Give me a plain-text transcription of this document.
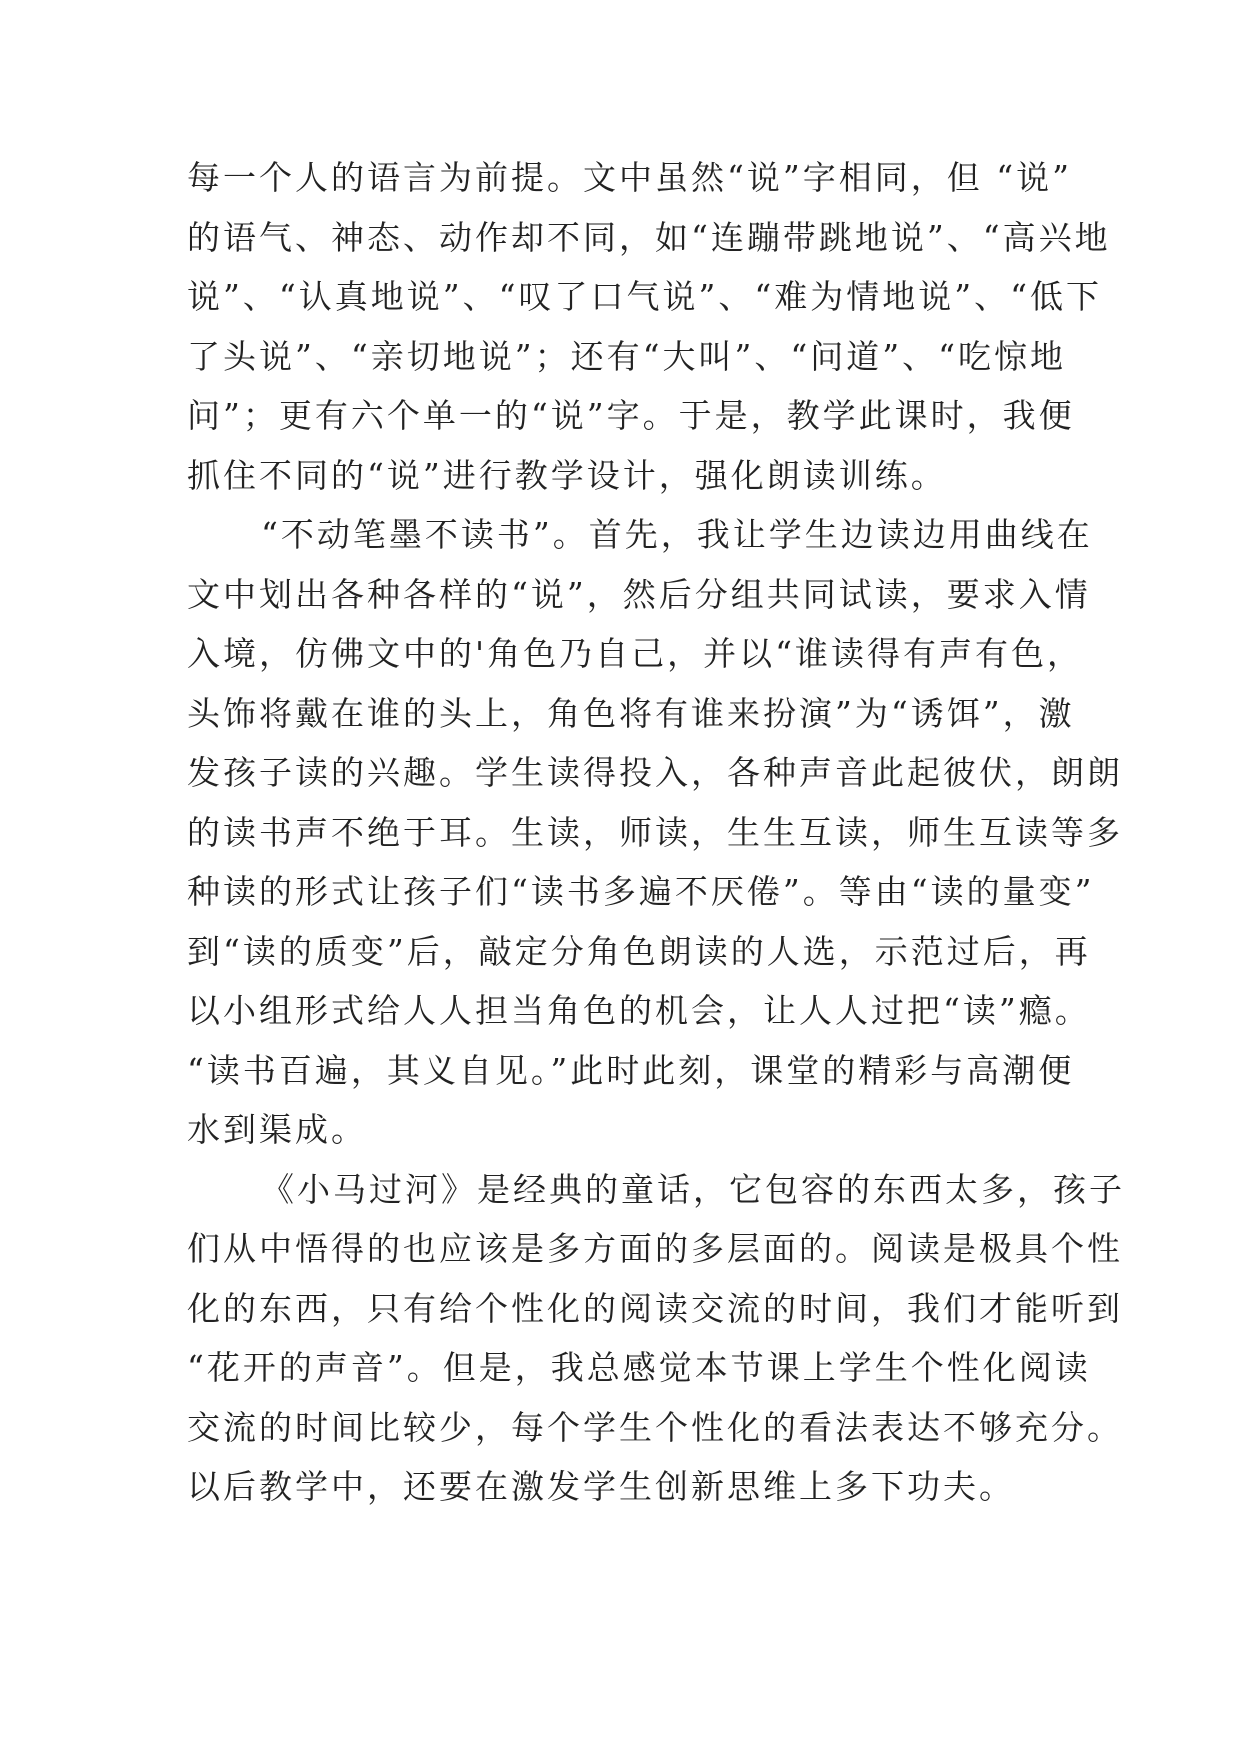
每一个人的语言为前提。文中虽然“说”字相同，但 “说”
的语气、神态、动作却不同，如“连蹦带跳地说”、“高兴地
说”、“认真地说”、“叹了口气说”、“难为情地说”、“低下
了头说”、“亲切地说”；还有“大叫”、“问道”、“吃惊地
问”；更有六个单一的“说”字。于是，教学此课时，我便
抓住不同的“说”进行教学设计，强化朗读训练。
“不动笔墨不读书”。首先，我让学生边读边用曲线在
文中划出各种各样的“说”，然后分组共同试读，要求入情
入境，仿佛文中的'角色乃自己，并以“谁读得有声有色，
头饰将戴在谁的头上，角色将有谁来扮演”为“诱饵”，激
发孩子读的兴趣。学生读得投入，各种声音此起彼伏，朗朗
的读书声不绝于耳。生读，师读，生生互读，师生互读等多
种读的形式让孩子们“读书多遍不厌倦”。等由“读的量变”
到“读的质变”后，敲定分角色朗读的人选，示范过后，再
以小组形式给人人担当角色的机会，让人人过把“读”瘾。
“读书百遍，其义自见。”此时此刻，课堂的精彩与高潮便
水到渠成。
《小马过河》是经典的童话，它包容的东西太多，孩子
们从中悟得的也应该是多方面的多层面的。阅读是极具个性
化的东西，只有给个性化的阅读交流的时间，我们才能听到
“花开的声音”。但是，我总感觉本节课上学生个性化阅读
交流的时间比较少，每个学生个性化的看法表达不够充分。
以后教学中，还要在激发学生创新思维上多下功夫。
